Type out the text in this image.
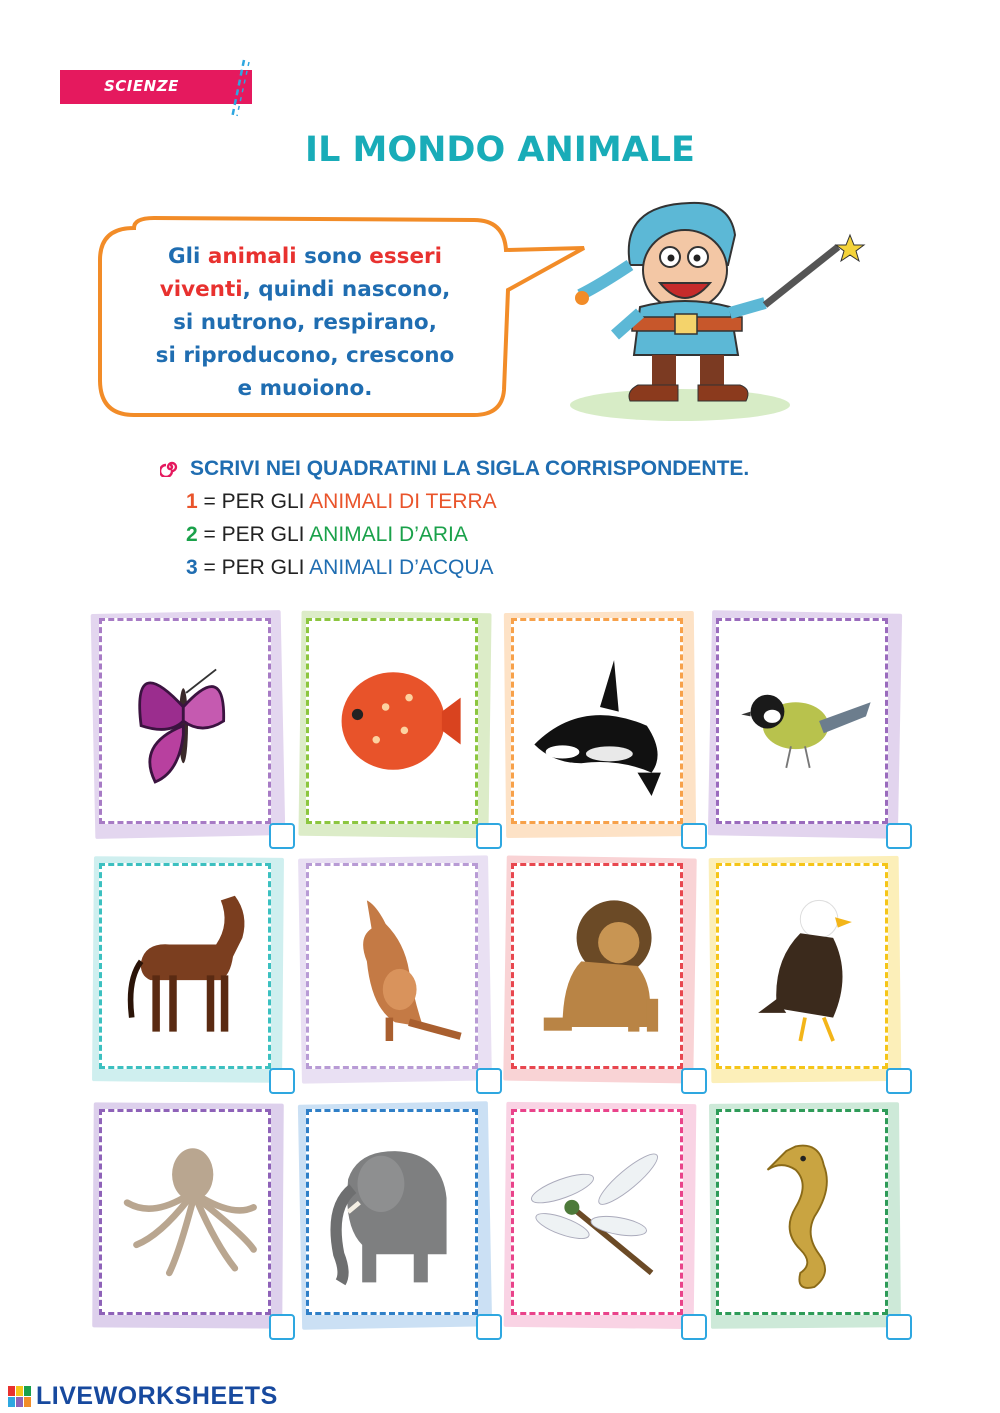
SCIENZE
IL MONDO ANIMALE
Gli animali sono esseri
viventi, quindi nascono,
si nutrono, respirano,
si riproducono, crescono
e muoiono.
SCRIVI NEI QUADRATINI LA SIGLA CORRISPONDENTE.
1 = PER GLI ANIMALI DI TERRA
2 = PER GLI ANIMALI D’ARIA
3 = PER GLI ANIMALI D’ACQUA
LIVEWORKSHEETS
